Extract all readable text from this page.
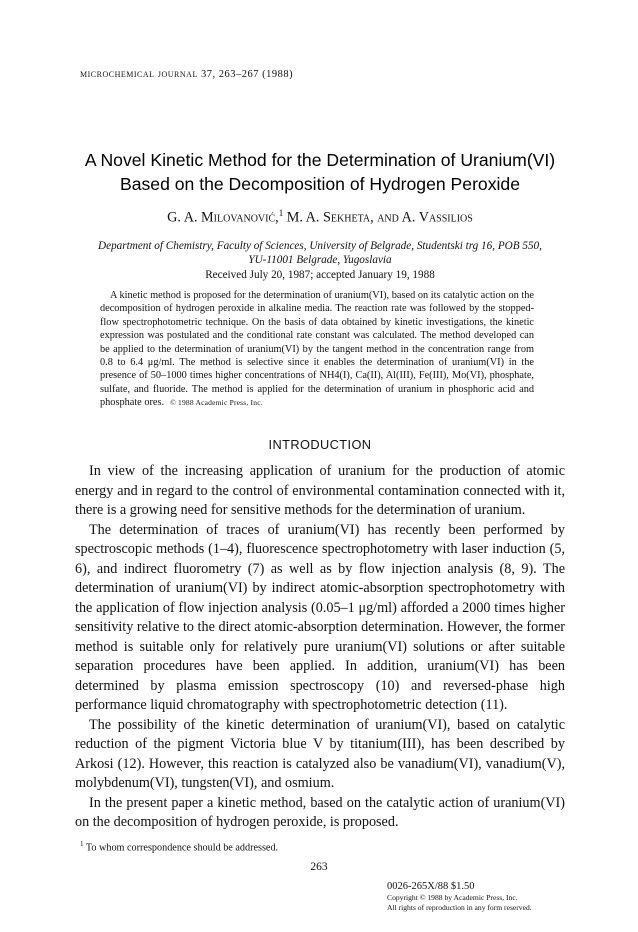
microchemical journal 37, 263–267 (1988)
A Novel Kinetic Method for the Determination of Uranium(VI)
Based on the Decomposition of Hydrogen Peroxide
G. A. Milovanović,$^1$ M. A. Sekheta, and A. Vassilios
Department of Chemistry, Faculty of Sciences, University of Belgrade, Studentski trg 16, POB 550,
YU-11001 Belgrade, Yugoslavia
Received July 20, 1987; accepted January 19, 1988
A kinetic method is proposed for the determination of uranium(VI), based on its catalytic action on the decomposition of hydrogen peroxide in alkaline media. The reaction rate was followed by the stopped-flow spectrophotometric technique. On the basis of data obtained by kinetic investigations, the kinetic expression was postulated and the conditional rate constant was calculated. The method developed can be applied to the determination of uranium(VI) by the tangent method in the concentration range from 0.8 to 6.4 μg/ml. The method is selective since it enables the determination of uranium(VI) in the presence of 50–1000 times higher concentrations of NH4(I), Ca(II), Al(III), Fe(III), Mo(VI), phosphate, sulfate, and fluoride. The method is applied for the determination of uranium in phosphoric acid and phosphate ores. © 1988 Academic Press, Inc.
INTRODUCTION

In view of the increasing application of uranium for the production of atomic energy and in regard to the control of environmental contamination connected with it, there is a growing need for sensitive methods for the determination of uranium.

The determination of traces of uranium(VI) has recently been performed by spectroscopic methods (1–4), fluorescence spectrophotometry with laser induction (5, 6), and indirect fluorometry (7) as well as by flow injection analysis (8, 9). The determination of uranium(VI) by indirect atomic-absorption spectrophotometry with the application of flow injection analysis (0.05–1 μg/ml) afforded a 2000 times higher sensitivity relative to the direct atomic-absorption determination. However, the former method is suitable only for relatively pure uranium(VI) solutions or after suitable separation procedures have been applied. In addition, uranium(VI) has been determined by plasma emission spectroscopy (10) and reversed-phase high performance liquid chromatography with spectrophotometric detection (11).

The possibility of the kinetic determination of uranium(VI), based on catalytic reduction of the pigment Victoria blue V by titanium(III), has been described by Arkosi (12). However, this reaction is catalyzed also be vanadium(VI), vanadium(V), molybdenum(VI), tungsten(VI), and osmium.

In the present paper a kinetic method, based on the catalytic action of uranium(VI) on the decomposition of hydrogen peroxide, is proposed.

$^1$ To whom correspondence should be addressed.
263
0026-265X/88 $1.50
Copyright © 1988 by Academic Press, Inc.
All rights of reproduction in any form reserved.
